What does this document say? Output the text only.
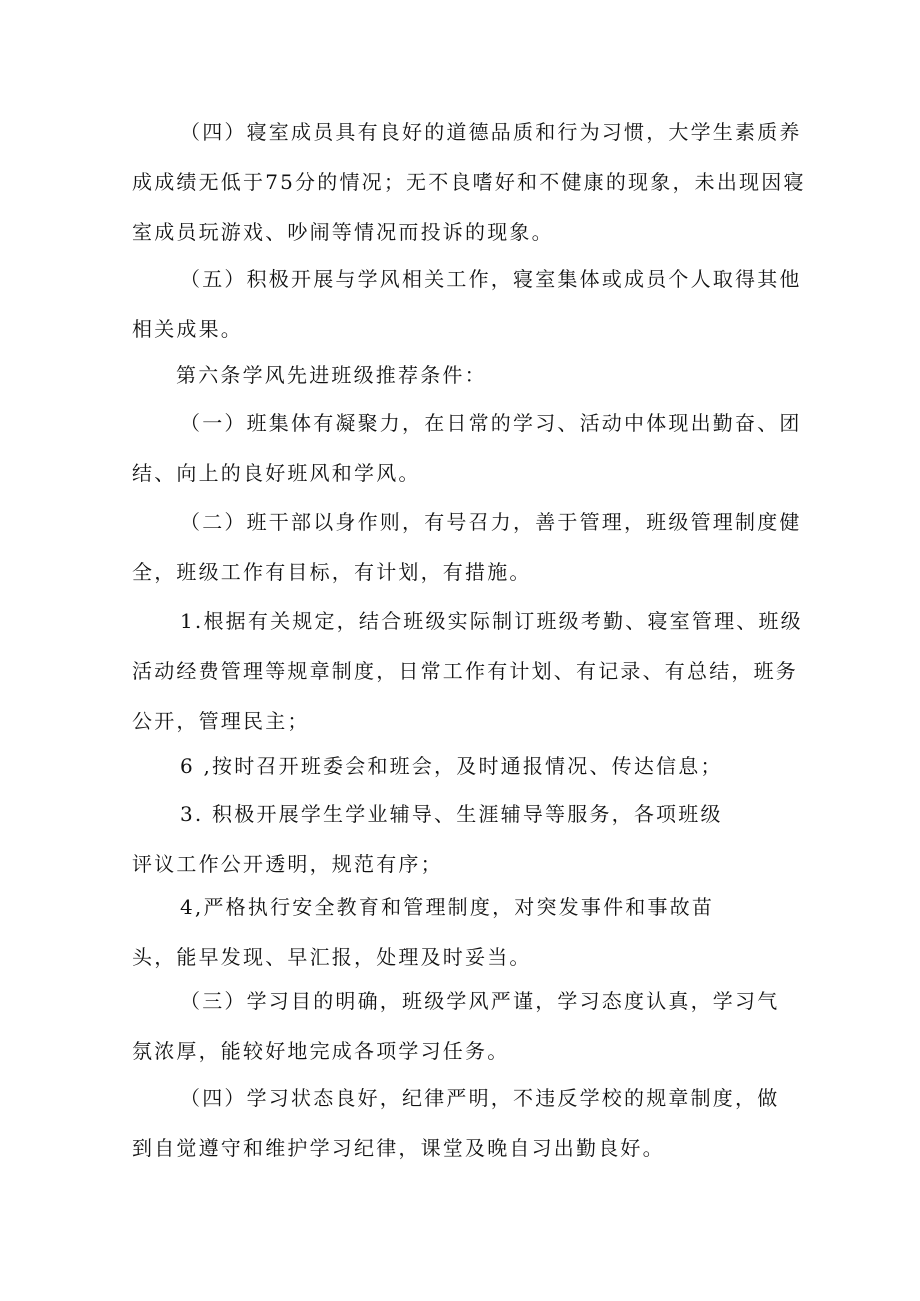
（四）寝室成员具有良好的道德品质和行为习惯，大学生素质养
成成绩无低于75分的情况；无不良嗜好和不健康的现象，未出现因寝
室成员玩游戏、吵闹等情况而投诉的现象。
（五）积极开展与学风相关工作，寝室集体或成员个人取得其他
相关成果。
第六条学风先进班级推荐条件：
（一）班集体有凝聚力，在日常的学习、活动中体现出勤奋、团
结、向上的良好班风和学风。
（二）班干部以身作则，有号召力，善于管理，班级管理制度健
全，班级工作有目标，有计划，有措施。
1.根据有关规定，结合班级实际制订班级考勤、寝室管理、班级
活动经费管理等规章制度，日常工作有计划、有记录、有总结，班务
公开，管理民主；
6 ,按时召开班委会和班会，及时通报情况、传达信息；
3. 积极开展学生学业辅导、生涯辅导等服务，各项班级
评议工作公开透明，规范有序；
4,严格执行安全教育和管理制度，对突发事件和事故苗
头，能早发现、早汇报，处理及时妥当。
（三）学习目的明确，班级学风严谨，学习态度认真，学习气
氛浓厚，能较好地完成各项学习任务。
（四）学习状态良好，纪律严明，不违反学校的规章制度，做
到自觉遵守和维护学习纪律，课堂及晚自习出勤良好。
